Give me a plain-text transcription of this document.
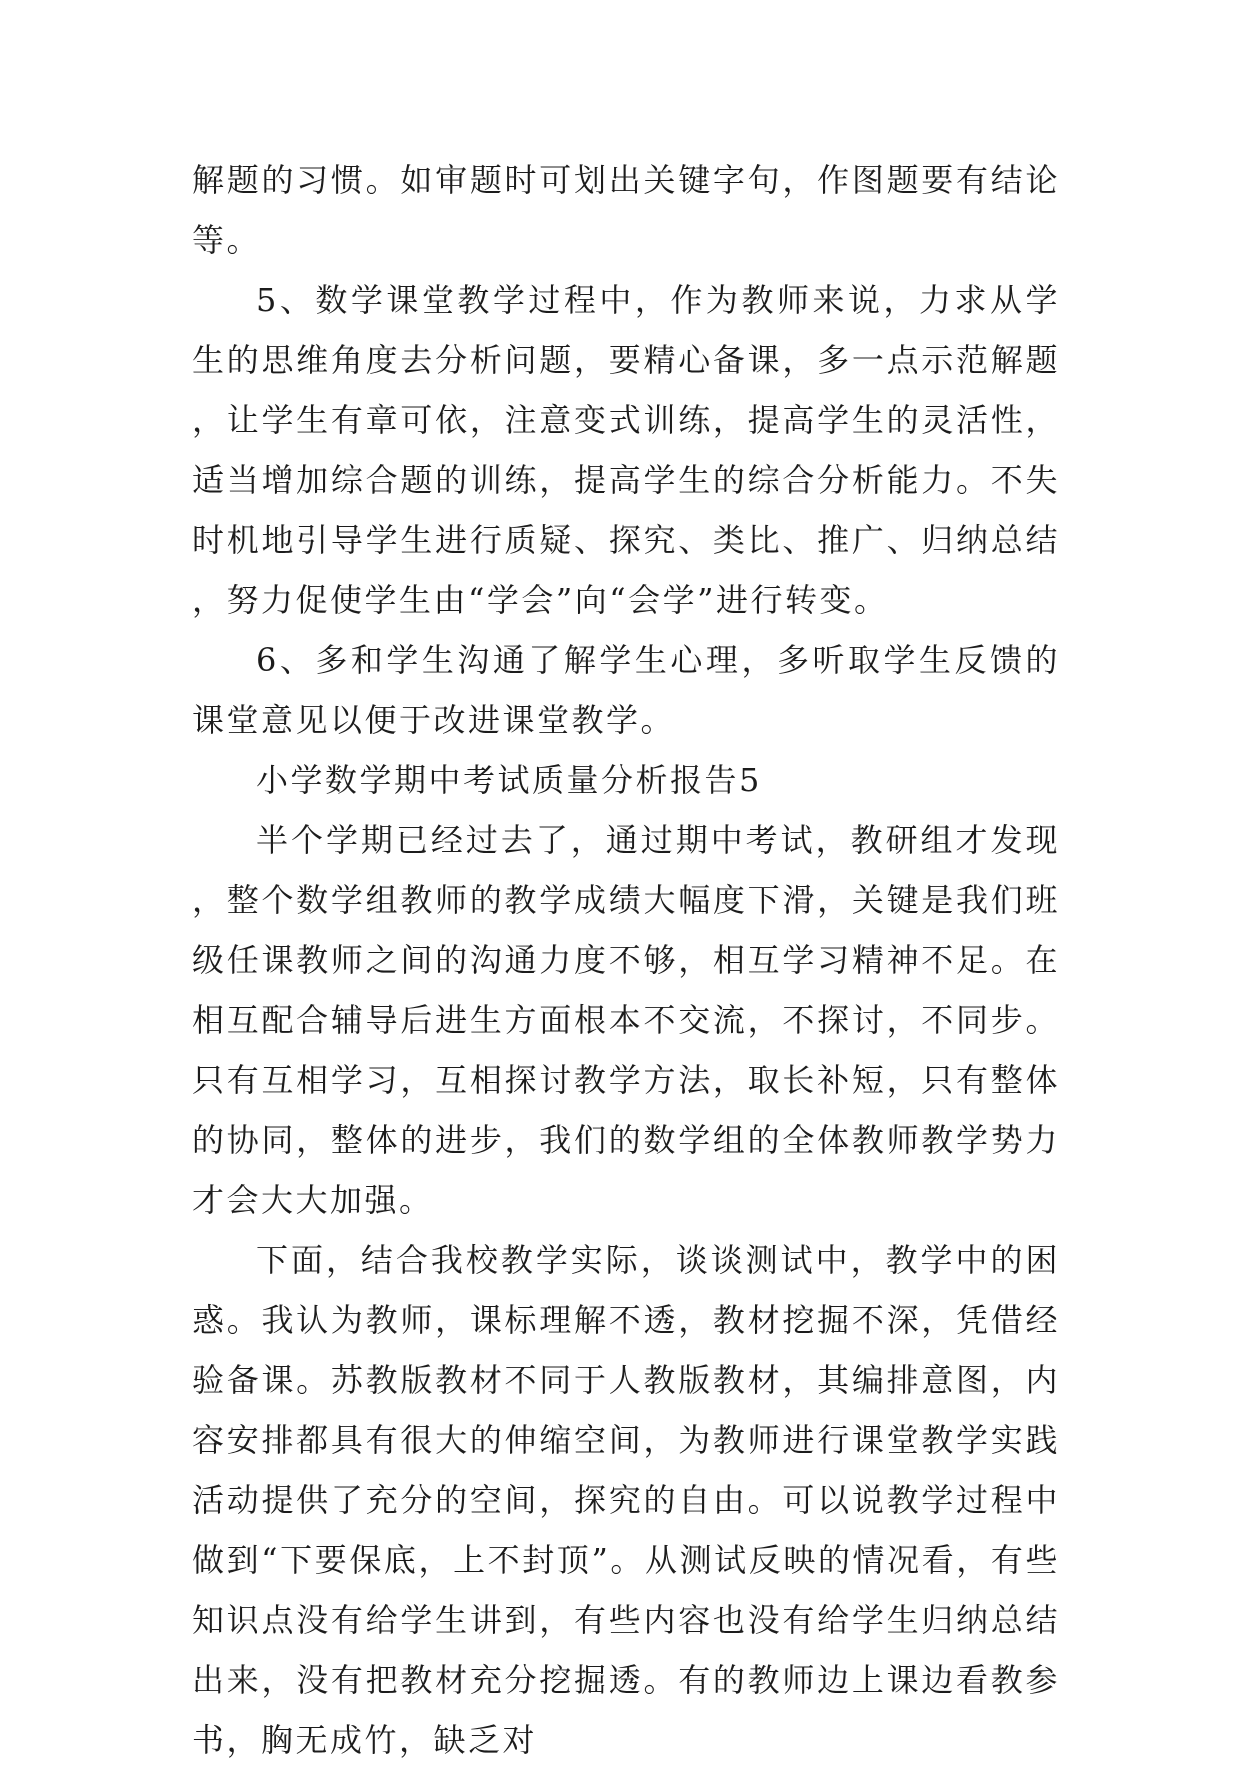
解题的习惯。如审题时可划出关键字句，作图题要有结论等。

5、数学课堂教学过程中，作为教师来说，力求从学生的思维角度去分析问题，要精心备课，多一点示范解题，让学生有章可依，注意变式训练，提高学生的灵活性，适当增加综合题的训练，提高学生的综合分析能力。不失时机地引导学生进行质疑、探究、类比、推广、归纳总结，努力促使学生由“学会”向“会学”进行转变。

6、多和学生沟通了解学生心理，多听取学生反馈的课堂意见以便于改进课堂教学。

小学数学期中考试质量分析报告5

半个学期已经过去了，通过期中考试，教研组才发现，整个数学组教师的教学成绩大幅度下滑，关键是我们班级任课教师之间的沟通力度不够，相互学习精神不足。在相互配合辅导后进生方面根本不交流，不探讨，不同步。只有互相学习，互相探讨教学方法，取长补短，只有整体的协同，整体的进步，我们的数学组的全体教师教学势力才会大大加强。

下面，结合我校教学实际，谈谈测试中，教学中的困惑。我认为教师，课标理解不透，教材挖掘不深，凭借经验备课。苏教版教材不同于人教版教材，其编排意图，内容安排都具有很大的伸缩空间，为教师进行课堂教学实践活动提供了充分的空间，探究的自由。可以说教学过程中做到“下要保底，上不封顶”。从测试反映的情况看，有些知识点没有给学生讲到，有些内容也没有给学生归纳总结出来，没有把教材充分挖掘透。有的教师边上课边看教参书，胸无成竹，缺乏对
